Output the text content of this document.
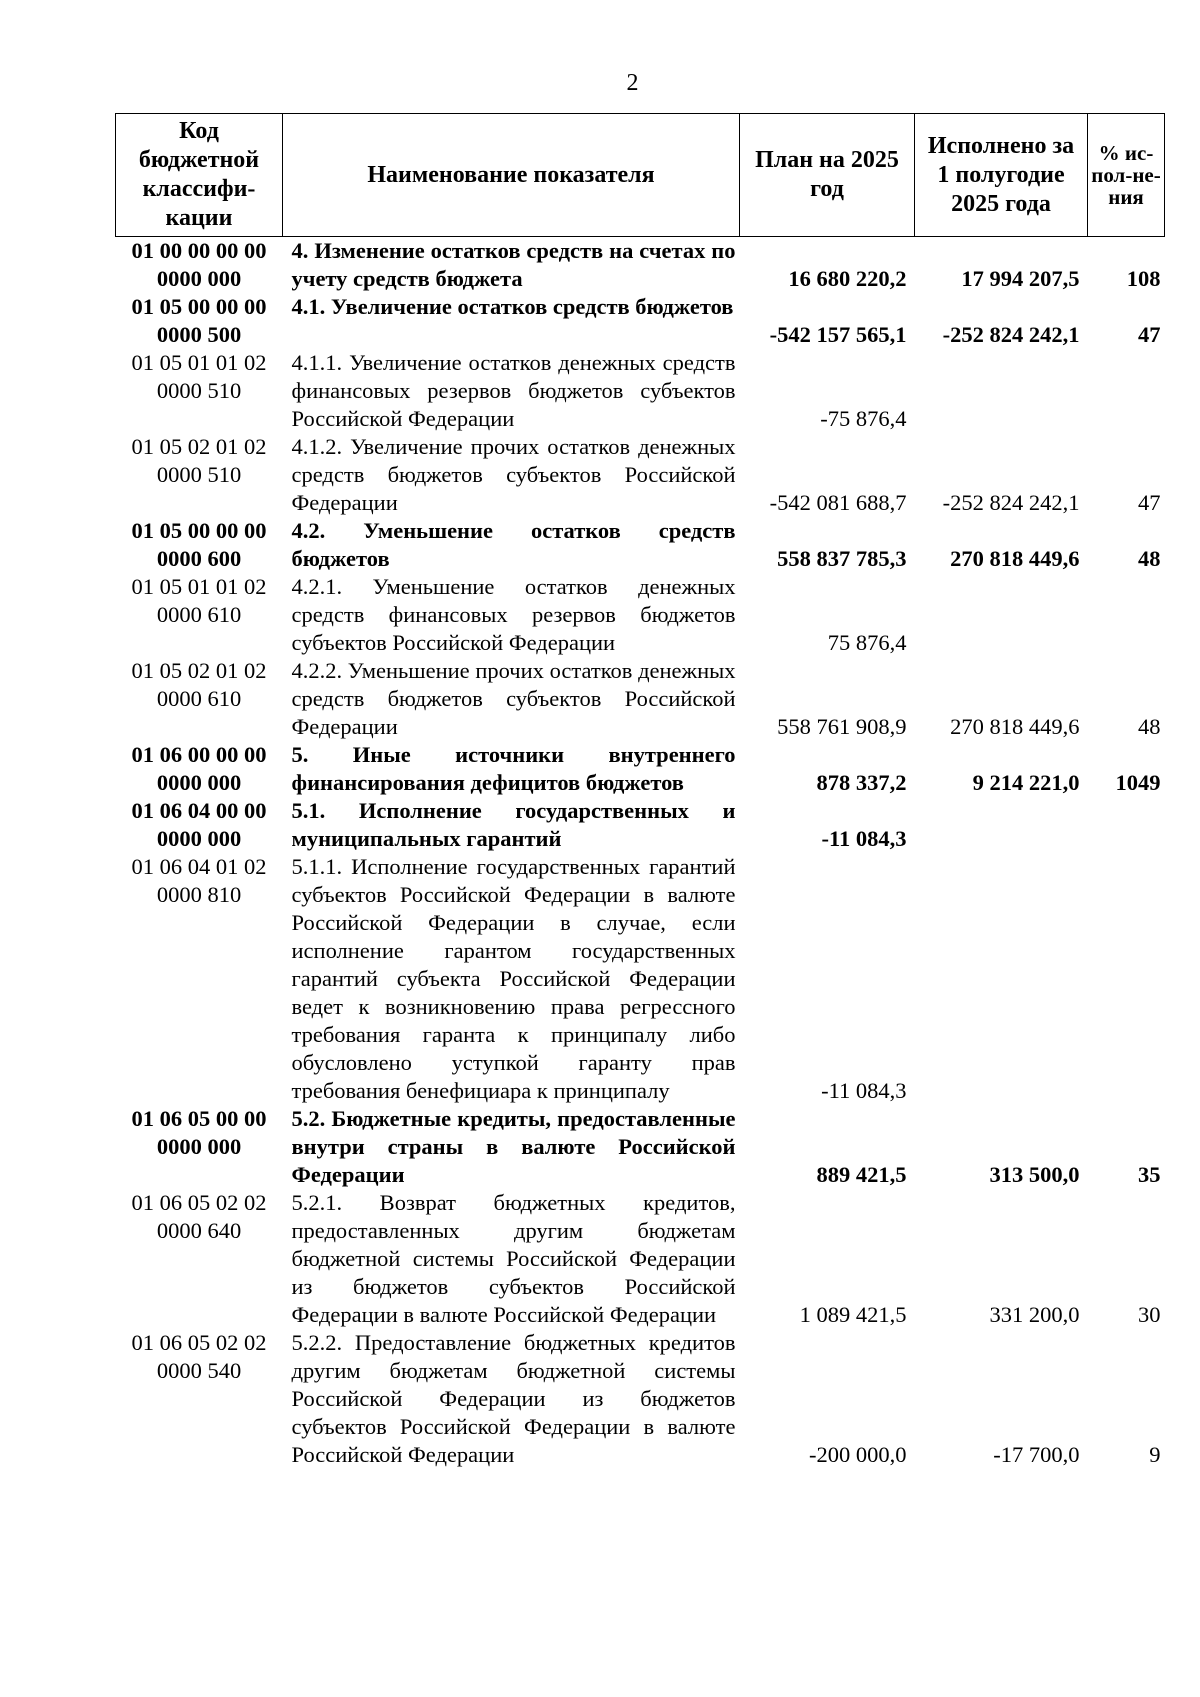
2
Код бюджетной классифи-кации	Наименование показателя	План на 2025 год	Исполнено за 1 полугодие 2025 года	% ис-пол-не-ния

01 00 00 00 00
0000 000	4. Изменение остатков средств на счетах по учету средств бюджета	16 680 220,2	17 994 207,5	108

01 05 00 00 00
0000 500	4.1. Увеличение остатков средств бюджетов	-542 157 565,1	-252 824 242,1	47

01 05 01 01 02
0000 510	4.1.1. Увеличение остатков денежных средств финансовых резервов бюджетов субъектов Российской Федерации	-75 876,4		

01 05 02 01 02
0000 510	4.1.2. Увеличение прочих остатков денежных средств бюджетов субъектов Российской Федерации	-542 081 688,7	-252 824 242,1	47

01 05 00 00 00
0000 600	4.2. Уменьшение остатков средств бюджетов	558 837 785,3	270 818 449,6	48

01 05 01 01 02
0000 610	4.2.1. Уменьшение остатков денежных средств финансовых резервов бюджетов субъектов Российской Федерации	75 876,4		

01 05 02 01 02
0000 610	4.2.2. Уменьшение прочих остатков денежных средств бюджетов субъектов Российской Федерации	558 761 908,9	270 818 449,6	48

01 06 00 00 00
0000 000	5. Иные источники внутреннего финансирования дефицитов бюджетов	878 337,2	9 214 221,0	1049

01 06 04 00 00
0000 000	5.1. Исполнение государственных и муниципальных гарантий	-11 084,3		

01 06 04 01 02
0000 810	5.1.1. Исполнение государственных гарантий субъектов Российской Федерации в валюте Российской Федерации в случае, если исполнение гарантом государственных гарантий субъекта Российской Федерации ведет к возникновению права регрессного требования гаранта к принципалу либо обусловлено уступкой гаранту прав требования бенефициара к принципалу	-11 084,3		

01 06 05 00 00
0000 000	5.2. Бюджетные кредиты, предоставленные внутри страны в валюте Российской Федерации	889 421,5	313 500,0	35

01 06 05 02 02
0000 640	5.2.1. Возврат бюджетных кредитов, предоставленных другим бюджетам бюджетной системы Российской Федерации из бюджетов субъектов Российской Федерации в валюте Российской Федерации	1 089 421,5	331 200,0	30

01 06 05 02 02
0000 540	5.2.2. Предоставление бюджетных кредитов другим бюджетам бюджетной системы Российской Федерации из бюджетов субъектов Российской Федерации в валюте Российской Федерации	-200 000,0	-17 700,0	9
